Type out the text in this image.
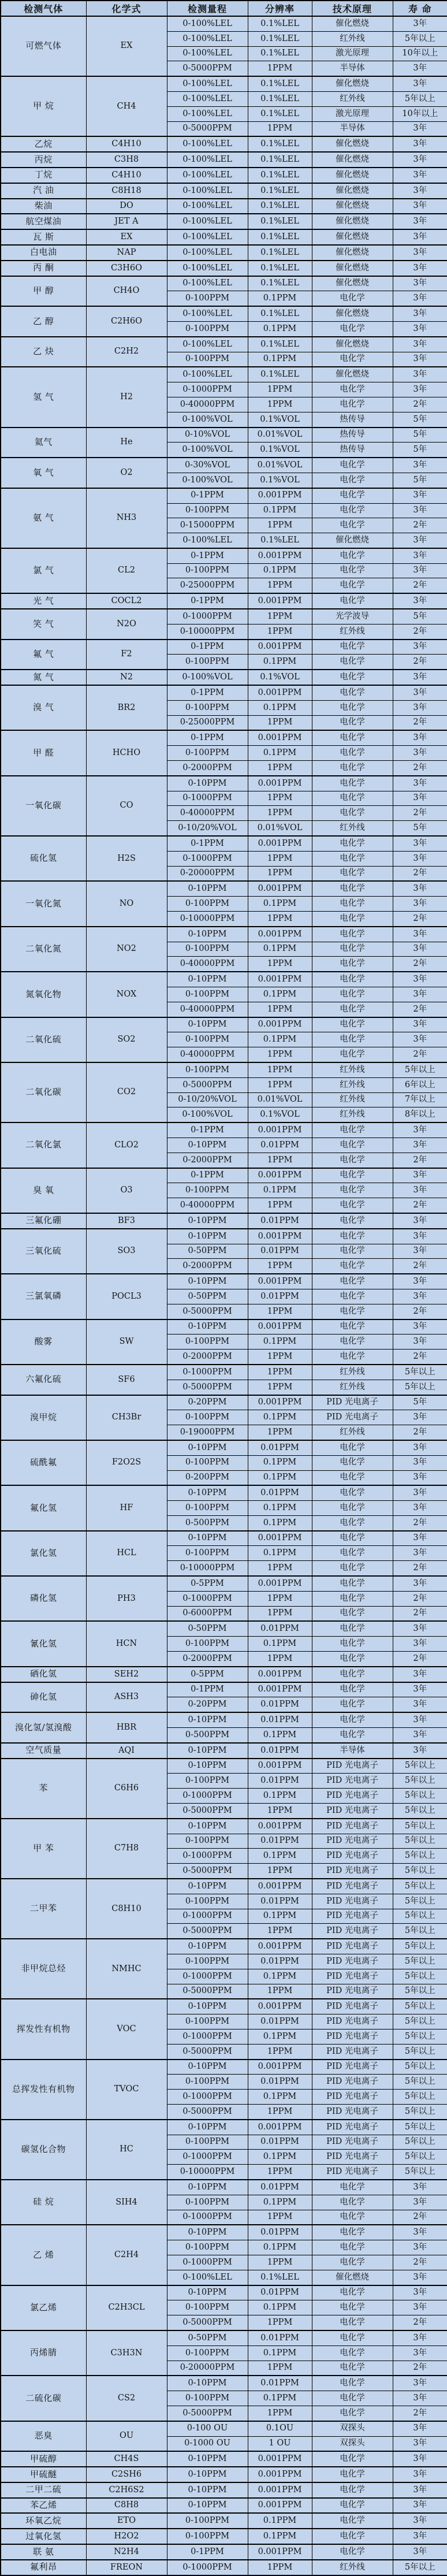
检测气体	化学式	检测量程	分辨率	技术原理	寿 命
可燃气体	EX	0-100%LEL	0.1%LEL	催化燃烧	3年
		0-100%LEL	0.1%LEL	红外线	5年以上
		0-100%LEL	0.1%LEL	激光原理	10年以上
		0-5000PPM	1PPM	半导体	3年
甲 烷	CH4	0-100%LEL	0.1%LEL	催化燃烧	3年
		0-100%LEL	0.1%LEL	红外线	5年以上
		0-100%LEL	0.1%LEL	激光原理	10年以上
		0-5000PPM	1PPM	半导体	3年
乙烷	C4H10	0-100%LEL	0.1%LEL	催化燃烧	3年
丙烷	C3H8	0-100%LEL	0.1%LEL	催化燃烧	3年
丁烷	C4H10	0-100%LEL	0.1%LEL	催化燃烧	3年
汽 油	C8H18	0-100%LEL	0.1%LEL	催化燃烧	3年
柴油	DO	0-100%LEL	0.1%LEL	催化燃烧	3年
航空煤油	JET A	0-100%LEL	0.1%LEL	催化燃烧	3年
瓦 斯	EX	0-100%LEL	0.1%LEL	催化燃烧	3年
白电油	NAP	0-100%LEL	0.1%LEL	催化燃烧	3年
丙 酮	C3H6O	0-100%LEL	0.1%LEL	催化燃烧	3年
甲 醇	CH4O	0-100%LEL	0.1%LEL	催化燃烧	3年
		0-100PPM	0.1PPM	电化学	3年
乙 醇	C2H6O	0-100%LEL	0.1%LEL	催化燃烧	3年
		0-100PPM	0.1PPM	电化学	3年
乙 炔	C2H2	0-100%LEL	0.1%LEL	催化燃烧	3年
		0-100PPM	0.1PPM	电化学	3年
氢 气	H2	0-100%LEL	0.1%LEL	催化燃烧	3年
		0-1000PPM	1PPM	电化学	3年
		0-40000PPM	1PPM	电化学	2年
		0-100%VOL	0.1%VOL	热传导	5年
氦气	He	0-10%VOL	0.01%VOL	热传导	5年
		0-100%VOL	0.1%VOL	热传导	5年
氧 气	O2	0-30%VOL	0.01%VOL	电化学	3年
		0-100%VOL	0.1%VOL	电化学	5年
氨 气	NH3	0-1PPM	0.001PPM	电化学	3年
		0-100PPM	0.1PPM	电化学	3年
		0-15000PPM	1PPM	电化学	2年
		0-100%LEL	0.1%LEL	催化燃烧	3年
氯 气	CL2	0-1PPM	0.001PPM	电化学	3年
		0-100PPM	0.1PPM	电化学	3年
		0-25000PPM	1PPM	电化学	2年
光 气	COCL2	0-1PPM	0.001PPM	电化学	3年
笑 气	N2O	0-1000PPM	1PPM	光学波导	5年
		0-10000PPM	1PPM	红外线	2年
氟 气	F2	0-1PPM	0.001PPM	电化学	3年
		0-100PPM	0.1PPM	电化学	2年
氮 气	N2	0-100%VOL	0.1%VOL	电化学	3年
溴 气	BR2	0-1PPM	0.001PPM	电化学	3年
		0-100PPM	0.1PPM	电化学	3年
		0-25000PPM	1PPM	电化学	2年
甲 醛	HCHO	0-1PPM	0.001PPM	电化学	3年
		0-100PPM	0.1PPM	电化学	3年
		0-2000PPM	1PPM	电化学	2年
一氧化碳	CO	0-10PPM	0.001PPM	电化学	3年
		0-1000PPM	1PPM	电化学	3年
		0-40000PPM	1PPM	电化学	2年
		0-10/20%VOL	0.01%VOL	红外线	5年
硫化氢	H2S	0-1PPM	0.001PPM	电化学	3年
		0-1000PPM	1PPM	电化学	3年
		0-20000PPM	1PPM	电化学	2年
一氧化氮	NO	0-10PPM	0.001PPM	电化学	3年
		0-100PPM	0.1PPM	电化学	3年
		0-10000PPM	1PPM	电化学	2年
二氧化氮	NO2	0-10PPM	0.001PPM	电化学	3年
		0-100PPM	0.1PPM	电化学	3年
		0-40000PPM	1PPM	电化学	2年
氮氧化物	NOX	0-10PPM	0.001PPM	电化学	3年
		0-100PPM	0.1PPM	电化学	3年
		0-40000PPM	1PPM	电化学	2年
二氧化硫	SO2	0-10PPM	0.001PPM	电化学	3年
		0-100PPM	0.1PPM	电化学	3年
		0-40000PPM	1PPM	电化学	2年
二氧化碳	CO2	0-100PPM	1PPM	红外线	5年以上
		0-5000PPM	1PPM	红外线	6年以上
		0-10/20%VOL	0.01%VOL	红外线	7年以上
		0-100%VOL	0.1%VOL	红外线	8年以上
二氧化氯	CLO2	0-1PPM	0.001PPM	电化学	3年
		0-10PPM	0.01PPM	电化学	3年
		0-2000PPM	1PPM	电化学	2年
臭 氧	O3	0-1PPM	0.001PPM	电化学	3年
		0-100PPM	0.1PPM	电化学	3年
		0-40000PPM	1PPM	电化学	2年
三氟化硼	BF3	0-10PPM	0.01PPM	电化学	3年
三氧化硫	SO3	0-10PPM	0.001PPM	电化学	3年
		0-50PPM	0.01PPM	电化学	3年
		0-2000PPM	1PPM	电化学	2年
三氯氧磷	POCL3	0-10PPM	0.001PPM	电化学	3年
		0-50PPM	0.01PPM	电化学	3年
		0-5000PPM	1PPM	电化学	2年
酸雾	SW	0-10PPM	0.001PPM	电化学	3年
		0-100PPM	0.1PPM	电化学	3年
		0-2000PPM	1PPM	电化学	2年
六氟化硫	SF6	0-1000PPM	1PPM	红外线	5年以上
		0-5000PPM	1PPM	红外线	5年以上
溴甲烷	CH3Br	0-20PPM	0.001PPM	PID 光电离子	5年
		0-100PPM	0.1PPM	PID 光电离子	3年
		0-19000PPM	1PPM	红外线	2年
硫酰氟	F2O2S	0-10PPM	0.01PPM	电化学	3年
		0-100PPM	0.1PPM	电化学	3年
		0-200PPM	0.1PPM	电化学	3年
氟化氢	HF	0-10PPM	0.01PPM	电化学	3年
		0-100PPM	0.1PPM	电化学	3年
		0-500PPM	0.1PPM	电化学	2年
氯化氢	HCL	0-10PPM	0.001PPM	电化学	3年
		0-100PPM	0.1PPM	电化学	3年
		0-10000PPM	1PPM	电化学	2年
磷化氢	PH3	0-5PPM	0.001PPM	电化学	3年
		0-1000PPM	1PPM	电化学	2年
		0-6000PPM	1PPM	电化学	2年
氰化氢	HCN	0-50PPM	0.01PPM	电化学	3年
		0-100PPM	0.1PPM	电化学	3年
		0-2000PPM	1PPM	电化学	2年
硒化氢	SEH2	0-5PPM	0.001PPM	电化学	3年
砷化氢	ASH3	0-1PPM	0.001PPM	电化学	3年
		0-20PPM	0.01PPM	电化学	3年
溴化氢/氢溴酸	HBR	0-10PPM	0.01PPM	电化学	3年
		0-500PPM	0.1PPM	电化学	3年
空气质量	AQI	0-10PPM	0.01PPM	半导体	3年
苯	C6H6	0-10PPM	0.001PPM	PID 光电离子	5年以上
		0-100PPM	0.01PPM	PID 光电离子	5年以上
		0-1000PPM	0.1PPM	PID 光电离子	5年以上
		0-5000PPM	1PPM	PID 光电离子	5年以上
甲 苯	C7H8	0-10PPM	0.001PPM	PID 光电离子	5年以上
		0-100PPM	0.01PPM	PID 光电离子	5年以上
		0-1000PPM	0.1PPM	PID 光电离子	5年以上
		0-5000PPM	1PPM	PID 光电离子	5年以上
二甲苯	C8H10	0-10PPM	0.001PPM	PID 光电离子	5年以上
		0-100PPM	0.01PPM	PID 光电离子	5年以上
		0-1000PPM	0.1PPM	PID 光电离子	5年以上
		0-5000PPM	1PPM	PID 光电离子	5年以上
非甲烷总烃	NMHC	0-10PPM	0.001PPM	PID 光电离子	5年以上
		0-100PPM	0.01PPM	PID 光电离子	5年以上
		0-1000PPM	0.1PPM	PID 光电离子	5年以上
		0-5000PPM	1PPM	PID 光电离子	5年以上
挥发性有机物	VOC	0-10PPM	0.001PPM	PID 光电离子	5年以上
		0-100PPM	0.01PPM	PID 光电离子	5年以上
		0-1000PPM	0.1PPM	PID 光电离子	5年以上
		0-5000PPM	1PPM	PID 光电离子	5年以上
总挥发性有机物	TVOC	0-10PPM	0.001PPM	PID 光电离子	5年以上
		0-100PPM	0.01PPM	PID 光电离子	5年以上
		0-1000PPM	0.1PPM	PID 光电离子	5年以上
		0-5000PPM	1PPM	PID 光电离子	5年以上
碳氢化合物	HC	0-10PPM	0.001PPM	PID 光电离子	5年以上
		0-100PPM	0.01PPM	PID 光电离子	5年以上
		0-1000PPM	0.1PPM	PID 光电离子	5年以上
		0-10000PPM	1PPM	PID 光电离子	5年以上
硅 烷	SIH4	0-10PPM	0.01PPM	电化学	3年
		0-100PPM	0.1PPM	电化学	3年
		0-1000PPM	1PPM	电化学	2年
乙 烯	C2H4	0-10PPM	0.01PPM	电化学	3年
		0-100PPM	0.1PPM	电化学	3年
		0-1000PPM	1PPM	电化学	2年
		0-100%LEL	0.1%LEL	催化燃烧	3年
氯乙烯	C2H3CL	0-10PPM	0.01PPM	电化学	3年
		0-100PPM	0.1PPM	电化学	3年
		0-5000PPM	1PPM	电化学	2年
丙烯腈	C3H3N	0-50PPM	0.01PPM	电化学	3年
		0-100PPM	0.1PPM	电化学	3年
		0-20000PPM	1PPM	电化学	2年
二硫化碳	CS2	0-10PPM	0.01PPM	电化学	3年
		0-100PPM	0.1PPM	电化学	3年
		0-5000PPM	1PPM	电化学	2年
恶臭	OU	0-100 OU	0.1OU	双探头	3年
		0-1000 OU	1 OU	双探头	3年
甲硫醇	CH4S	0-10PPM	0.001PPM	电化学	3年
甲硫醚	C2SH6	0-10PPM	0.001PPM	电化学	3年
二甲二硫	C2H6S2	0-10PPM	0.001PPM	电化学	3年
苯乙烯	C8H8	0-10PPM	0.001PPM	电化学	3年
环氧乙烷	ETO	0-100PPM	0.1PPM	电化学	3年
过氧化氢	H2O2	0-100PPM	0.1PPM	电化学	3年
联 氨	N2H4	0-1PPM	0.001PPM	电化学	3年
氟利昂	FREON	0-1000PPM	1PPM	红外线	5年以上
